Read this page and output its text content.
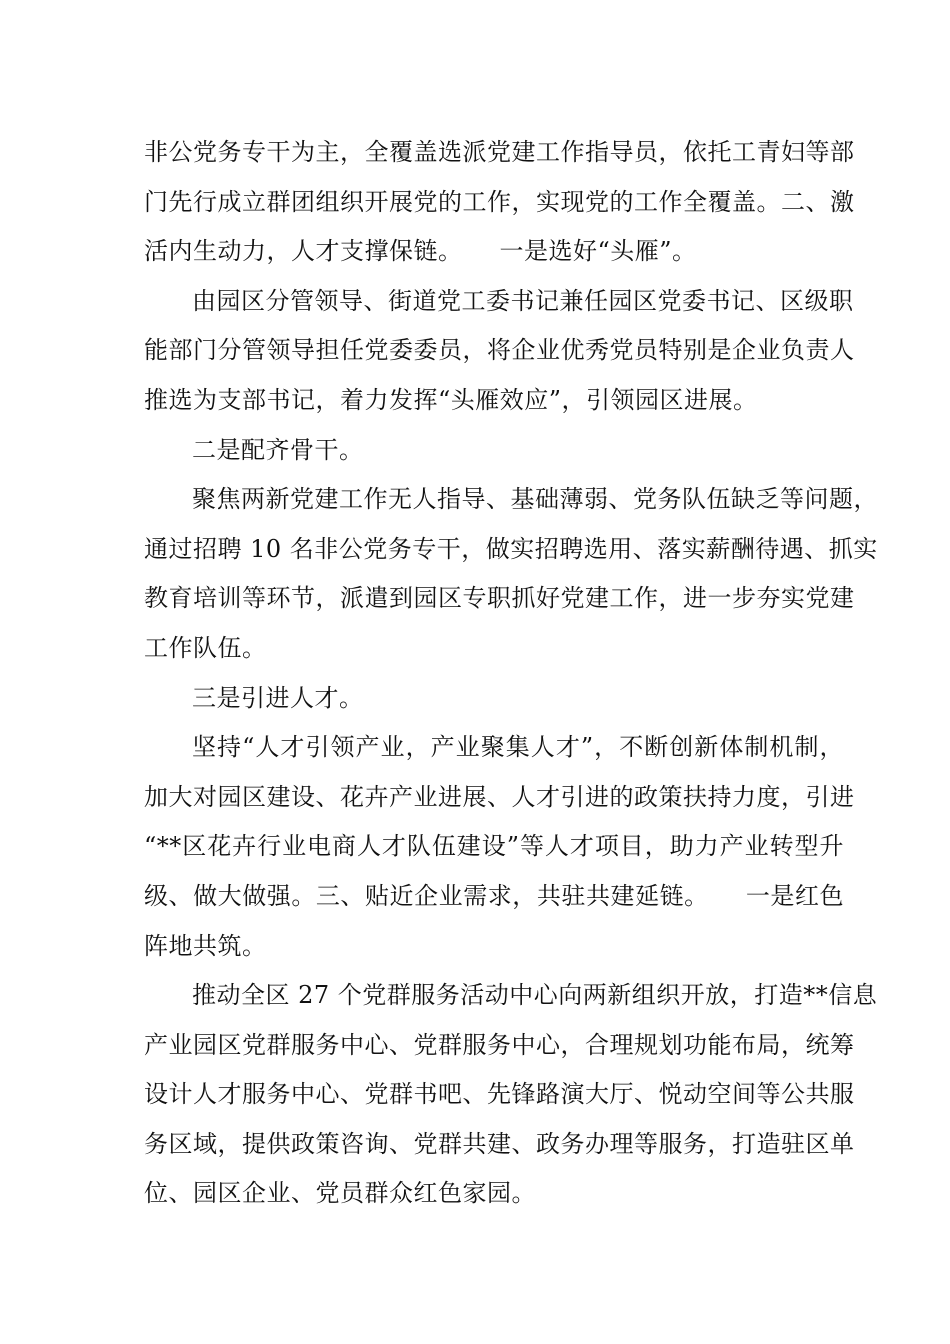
非公党务专干为主，全覆盖选派党建工作指导员，依托工青妇等部
门先行成立群团组织开展党的工作，实现党的工作全覆盖。二、激
活内生动力，人才支撑保链。　　一是选好“头雁”。
由园区分管领导、街道党工委书记兼任园区党委书记、区级职
能部门分管领导担任党委委员，将企业优秀党员特别是企业负责人
推选为支部书记，着力发挥“头雁效应”，引领园区进展。
二是配齐骨干。
聚焦两新党建工作无人指导、基础薄弱、党务队伍缺乏等问题，
通过招聘 10 名非公党务专干，做实招聘选用、落实薪酬待遇、抓实
教育培训等环节，派遣到园区专职抓好党建工作，进一步夯实党建
工作队伍。
三是引进人才。
坚持“人才引领产业，产业聚集人才”，不断创新体制机制，
加大对园区建设、花卉产业进展、人才引进的政策扶持力度，引进
“**区花卉行业电商人才队伍建设”等人才项目，助力产业转型升
级、做大做强。三、贴近企业需求，共驻共建延链。　　一是红色
阵地共筑。
推动全区 27 个党群服务活动中心向两新组织开放，打造**信息
产业园区党群服务中心、党群服务中心，合理规划功能布局，统筹
设计人才服务中心、党群书吧、先锋路演大厅、悦动空间等公共服
务区域，提供政策咨询、党群共建、政务办理等服务，打造驻区单
位、园区企业、党员群众红色家园。
